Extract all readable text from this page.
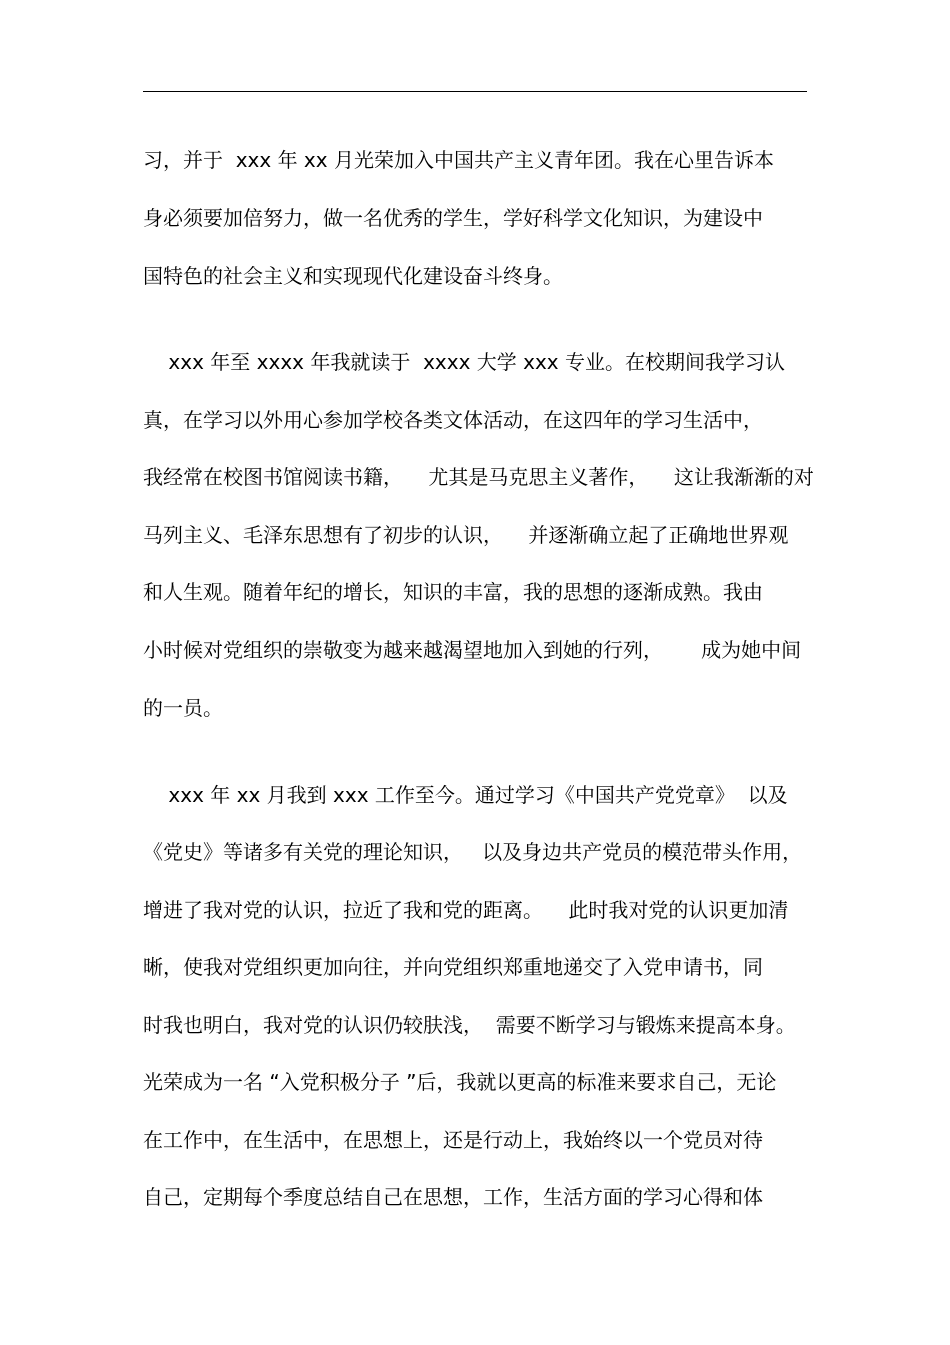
习，并于  xxx 年 xx 月光荣加入中国共产主义青年团。我在心里告诉本

身必须要加倍努力，做一名优秀的学生，学好科学文化知识，为建设中

国特色的社会主义和实现现代化建设奋斗终身。

xxx 年至 xxxx 年我就读于  xxxx 大学 xxx 专业。在校期间我学习认

真，在学习以外用心参加学校各类文体活动，在这四年的学习生活中，

我经常在校图书馆阅读书籍，    尤其是马克思主义著作，    这让我渐渐的对

马列主义、毛泽东思想有了初步的认识，    并逐渐确立起了正确地世界观

和人生观。随着年纪的增长，知识的丰富，我的思想的逐渐成熟。我由

小时候对党组织的崇敬变为越来越渴望地加入到她的行列，      成为她中间

的一员。

xxx 年 xx 月我到 xxx 工作至今。通过学习《中国共产党党章》  以及

《党史》等诸多有关党的理论知识，   以及身边共产党员的模范带头作用，

增进了我对党的认识，拉近了我和党的距离。    此时我对党的认识更加清

晰，使我对党组织更加向往，并向党组织郑重地递交了入党申请书，同

时我也明白，我对党的认识仍较肤浅，  需要不断学习与锻炼来提高本身。

光荣成为一名 “入党积极分子 ”后，我就以更高的标准来要求自己，无论

在工作中，在生活中，在思想上，还是行动上，我始终以一个党员对待

自己，定期每个季度总结自己在思想，工作，生活方面的学习心得和体
